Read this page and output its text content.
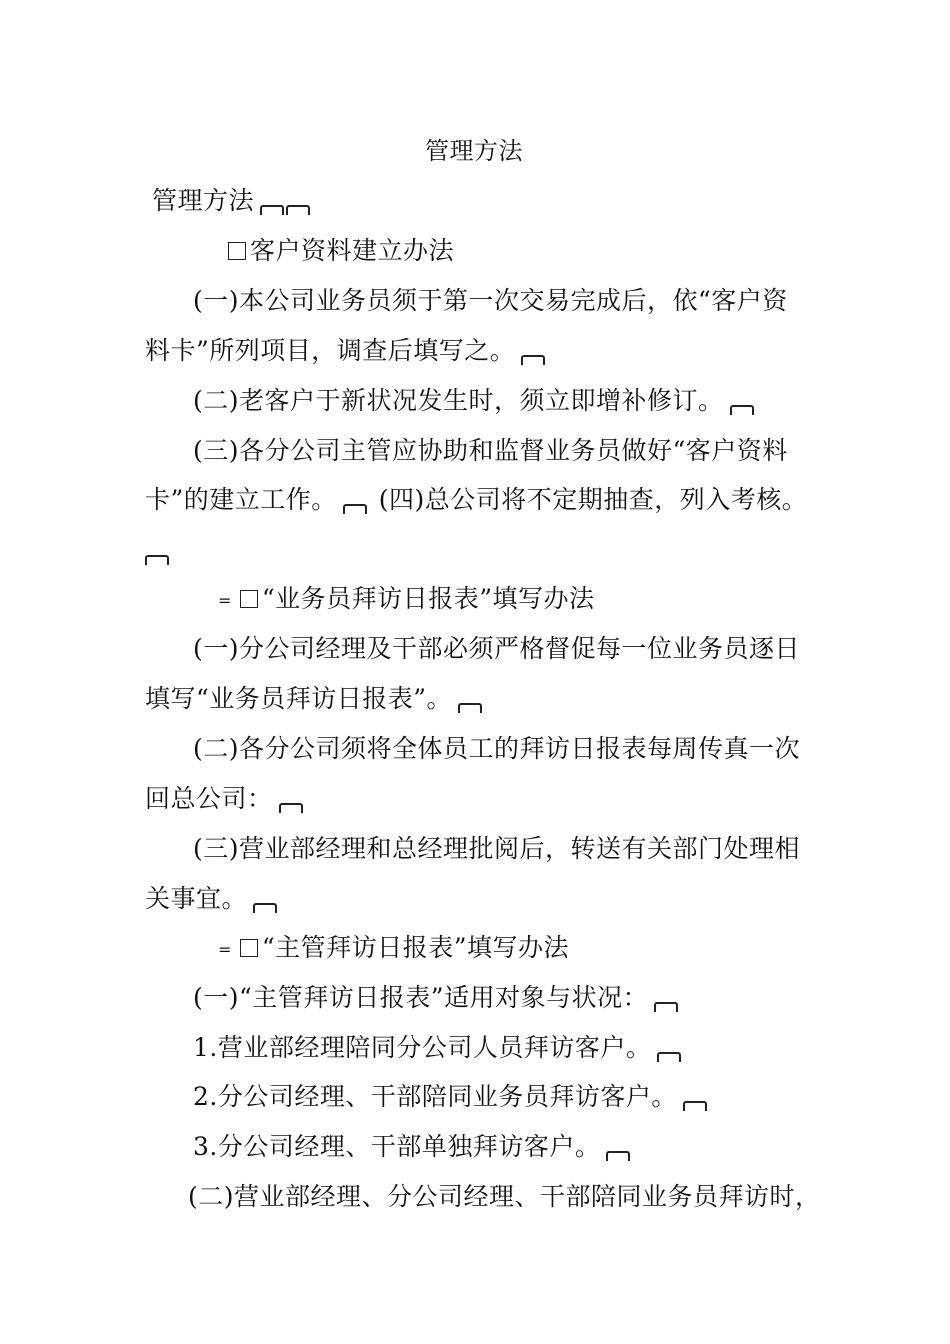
管理方法
管理方法
客户资料建立办法
(一)本公司业务员须于第一次交易完成后，依“客户资
料卡”所列项目，调查后填写之。
(二)老客户于新状况发生时，须立即增补修订。
(三)各分公司主管应协助和监督业务员做好“客户资料
卡”的建立工作。 (四)总公司将不定期抽查，列入考核。
= “业务员拜访日报表”填写办法
(一)分公司经理及干部必须严格督促每一位业务员逐日
填写“业务员拜访日报表”。
(二)各分公司须将全体员工的拜访日报表每周传真一次
回总公司：
(三)营业部经理和总经理批阅后，转送有关部门处理相
关事宜。
= “主管拜访日报表”填写办法
(一)“主管拜访日报表”适用对象与状况：
1.营业部经理陪同分公司人员拜访客户。
2.分公司经理、干部陪同业务员拜访客户。
3.分公司经理、干部单独拜访客户。
(二)营业部经理、分公司经理、干部陪同业务员拜访时，
